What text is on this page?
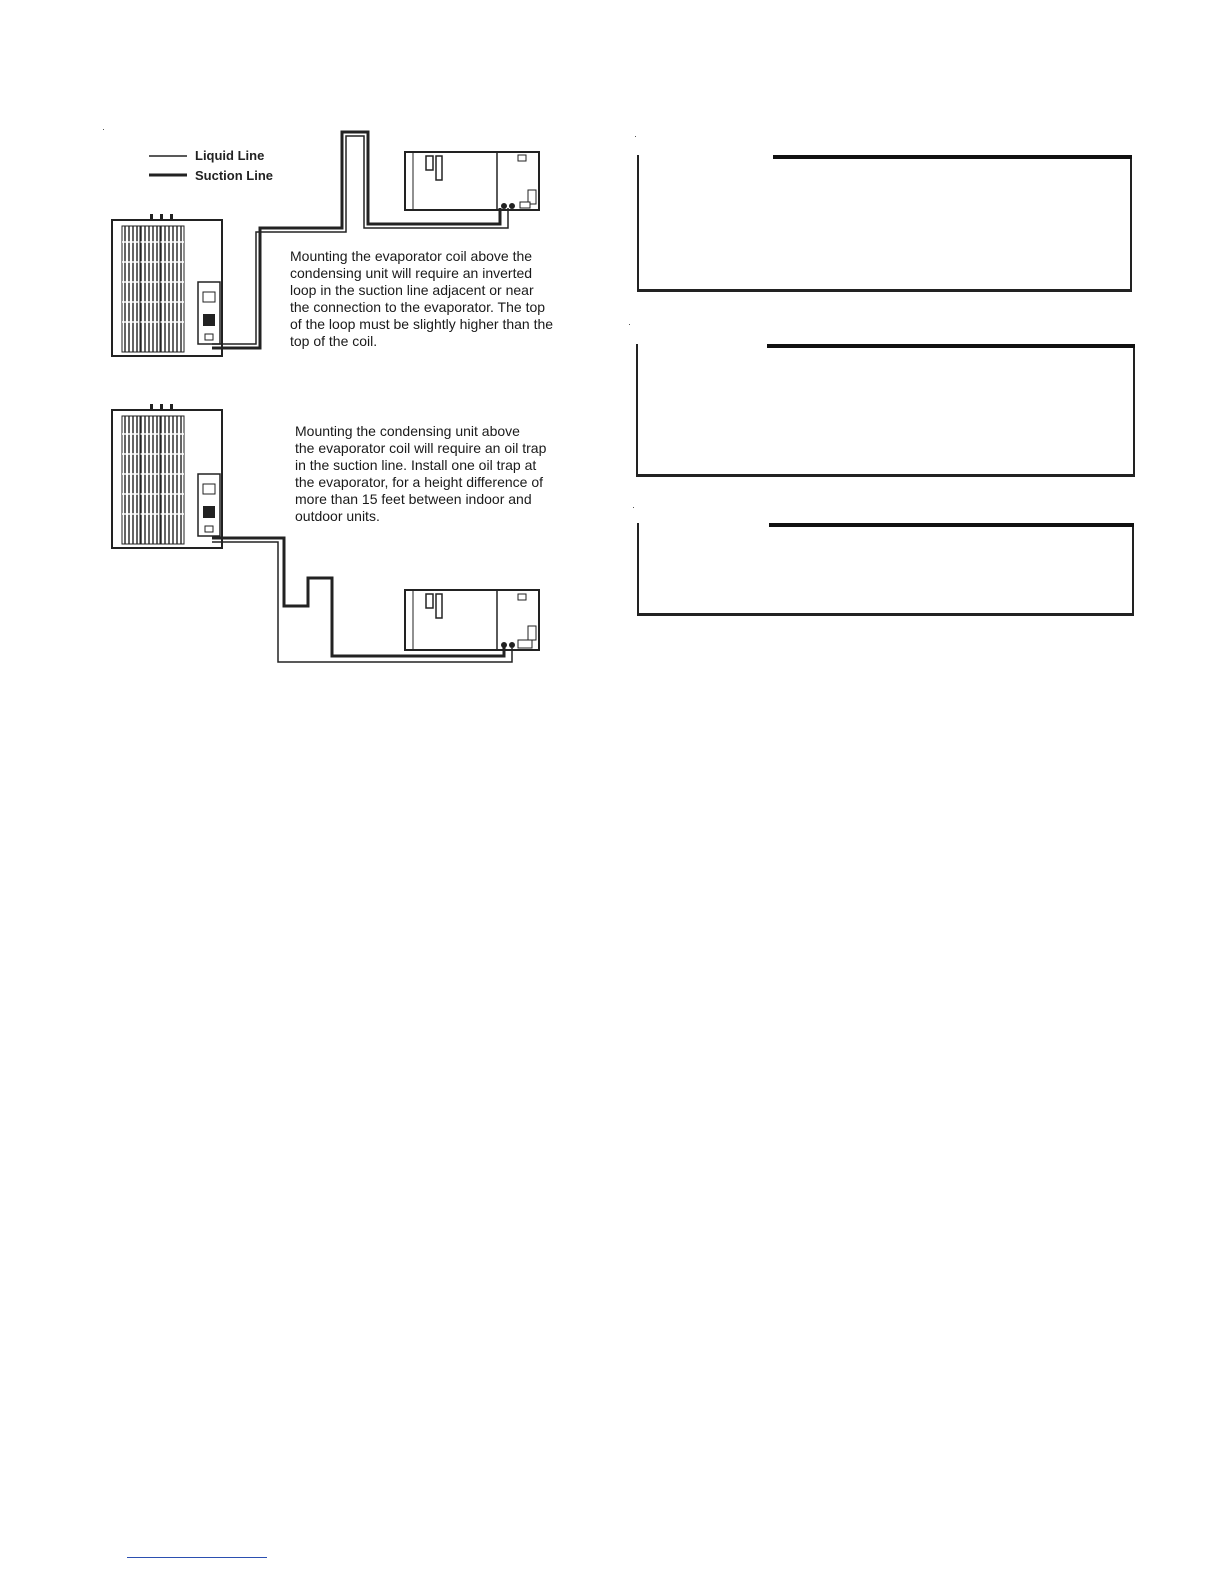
Liquid Line
Suction Line

Mounting the evaporator coil above the
condensing unit will require an inverted
loop in the suction line adjacent or near
the connection to the evaporator. The top
of the loop must be slightly higher than the
top of the coil.

Mounting the condensing unit above
the evaporator coil will require an oil trap
in the suction line. Install one oil trap at
the evaporator, for a height difference of
more than 15 feet between indoor and
outdoor units.
